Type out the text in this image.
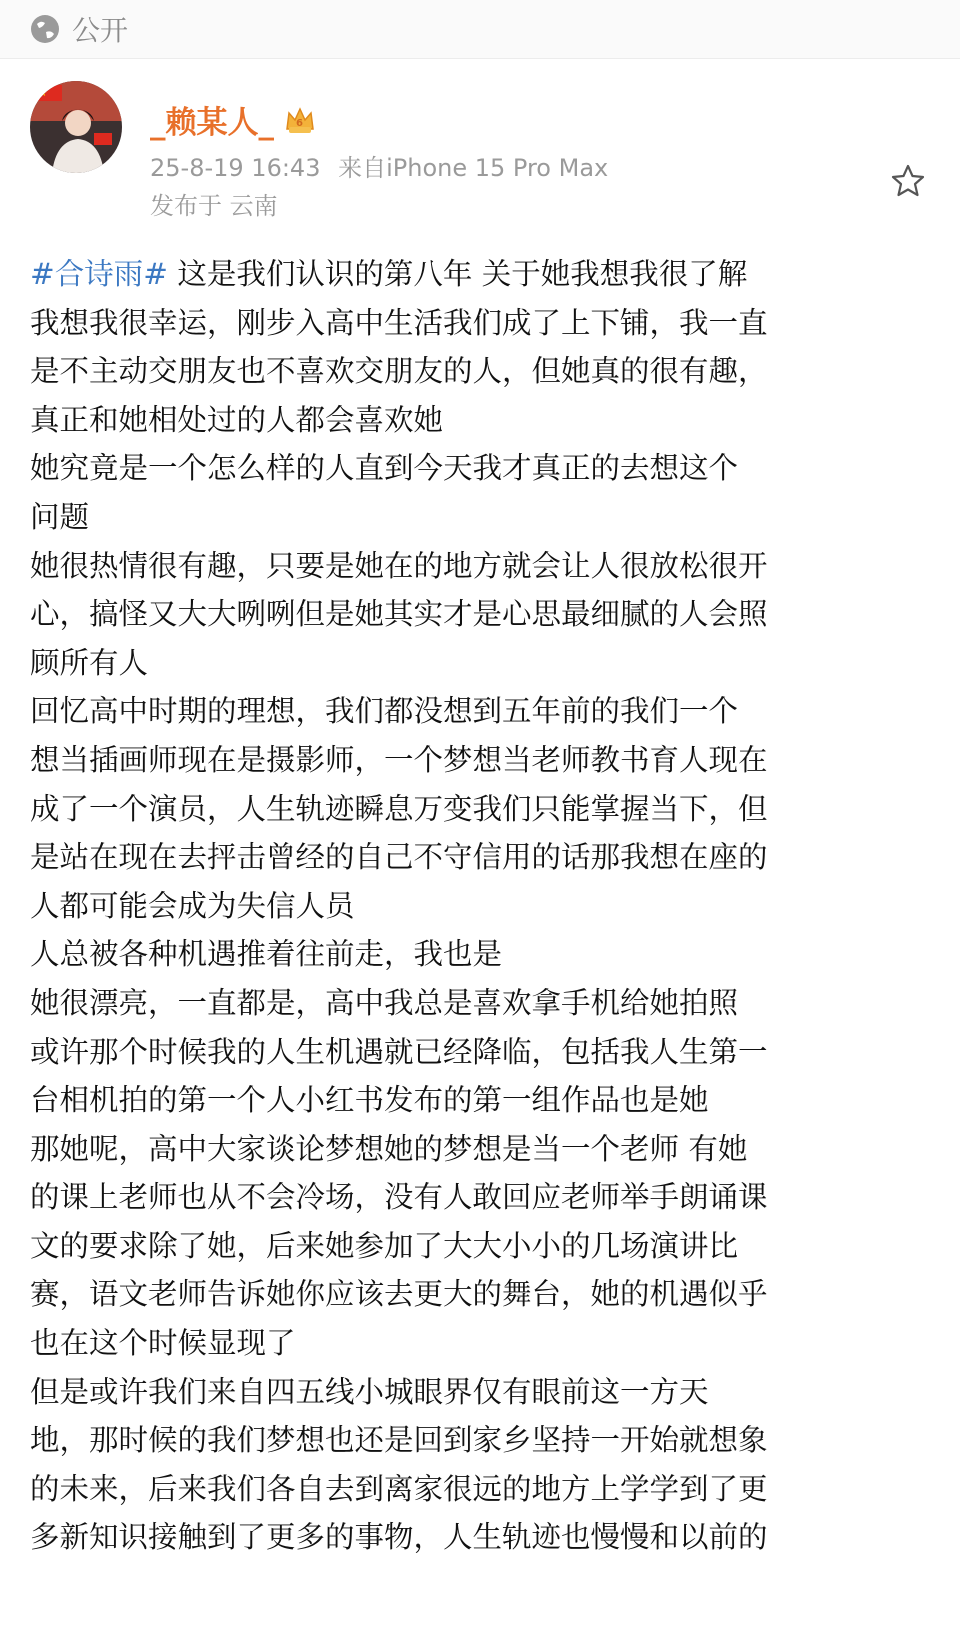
公开
★
_赖某人_ 6
25-8-19 16:43 来自iPhone 15 Pro Max
发布于 云南
#合诗雨# 这是我们认识的第八年 关于她我想我很了解
我想我很幸运，刚步入高中生活我们成了上下铺，我一直
是不主动交朋友也不喜欢交朋友的人，但她真的很有趣，
真正和她相处过的人都会喜欢她
她究竟是一个怎么样的人直到今天我才真正的去想这个
问题
她很热情很有趣，只要是她在的地方就会让人很放松很开
心，搞怪又大大咧咧但是她其实才是心思最细腻的人会照
顾所有人
回忆高中时期的理想，我们都没想到五年前的我们一个
想当插画师现在是摄影师，一个梦想当老师教书育人现在
成了一个演员，人生轨迹瞬息万变我们只能掌握当下，但
是站在现在去抨击曾经的自己不守信用的话那我想在座的
人都可能会成为失信人员
人总被各种机遇推着往前走，我也是
她很漂亮，一直都是，高中我总是喜欢拿手机给她拍照
或许那个时候我的人生机遇就已经降临，包括我人生第一
台相机拍的第一个人小红书发布的第一组作品也是她
那她呢，高中大家谈论梦想她的梦想是当一个老师 有她
的课上老师也从不会冷场，没有人敢回应老师举手朗诵课
文的要求除了她，后来她参加了大大小小的几场演讲比
赛，语文老师告诉她你应该去更大的舞台，她的机遇似乎
也在这个时候显现了
但是或许我们来自四五线小城眼界仅有眼前这一方天
地，那时候的我们梦想也还是回到家乡坚持一开始就想象
的未来，后来我们各自去到离家很远的地方上学学到了更
多新知识接触到了更多的事物，人生轨迹也慢慢和以前的
